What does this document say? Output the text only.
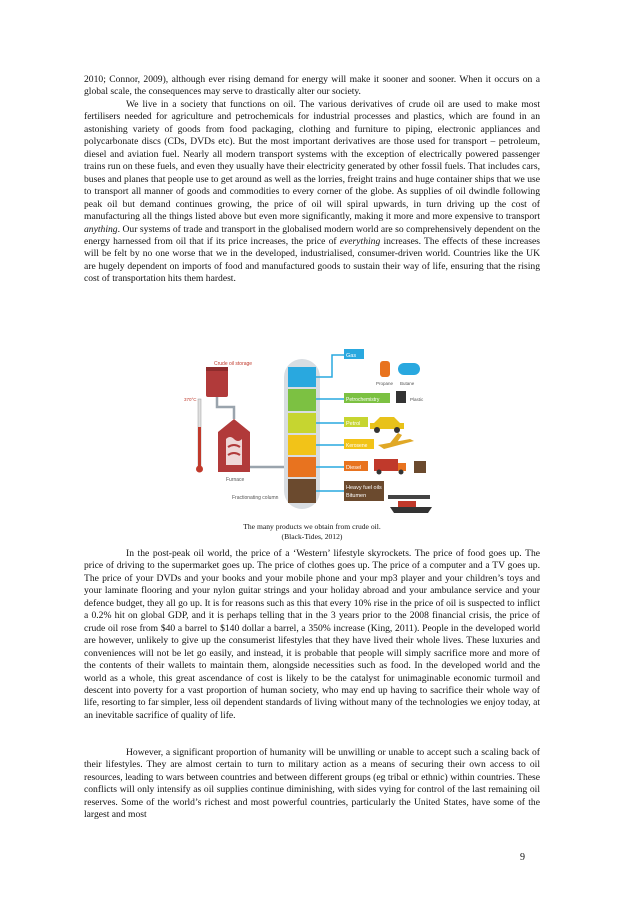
2010; Connor, 2009), although ever rising demand for energy will make it sooner and sooner. When it occurs on a global scale, the consequences may serve to drastically alter our society.

We live in a society that functions on oil. The various derivatives of crude oil are used to make most fertilisers needed for agriculture and petrochemicals for industrial processes and plastics, which are found in an astonishing variety of goods from food packaging, clothing and furniture to piping, electronic appliances and polycarbonate discs (CDs, DVDs etc). But the most important derivatives are those used for transport – petroleum, diesel and aviation fuel. Nearly all modern transport systems with the exception of electrically powered passenger trains run on these fuels, and even they usually have their electricity generated by other fossil fuels. That includes cars, buses and planes that people use to get around as well as the lorries, freight trains and huge container ships that we use to transport all manner of goods and commodities to every corner of the globe. As supplies of oil dwindle following peak oil but demand continues growing, the price of oil will spiral upwards, in turn driving up the cost of manufacturing all the things listed above but even more significantly, making it more and more expensive to transport anything. Our systems of trade and transport in the globalised modern world are so comprehensively dependent on the energy harnessed from oil that if its price increases, the price of everything increases. The effects of these increases will be felt by no one worse that we in the developed, industrialised, consumer-driven world. Countries like the UK are hugely dependent on imports of food and manufactured goods to sustain their way of life, ensuring that the rising cost of transportation hits them hardest.

Crude oil storage
370°C
Furnace
Fractionating column
Gas
Petrochemistry
Petrol
Kerosene
Diesel
Heavy fuel oils
Bitumen
Propane Butane
Plastic
The many products we obtain from crude oil.
(Black-Tides, 2012)

In the post-peak oil world, the price of a ‘Western’ lifestyle skyrockets. The price of food goes up. The price of driving to the supermarket goes up. The price of clothes goes up. The price of a computer and a TV goes up. The price of your DVDs and your books and your mobile phone and your mp3 player and your children’s toys and your laminate flooring and your nylon guitar strings and your holiday abroad and your ambulance service and your defence budget, they all go up. It is for reasons such as this that every 10% rise in the price of oil is suspected to inflict a 0.2% hit on global GDP, and it is perhaps telling that in the 3 years prior to the 2008 financial crisis, the price of crude oil rose from $40 a barrel to $140 dollar a barrel, a 350% increase (King, 2011). People in the developed world are however, unlikely to give up the consumerist lifestyles that they have lived their whole lives. These luxuries and conveniences will not be let go easily, and instead, it is probable that people will simply sacrifice more and more of the contents of their wallets to maintain them, alongside necessities such as food. In the developed world and the world as a whole, this great ascendance of cost is likely to be the catalyst for unimaginable economic turmoil and descent into poverty for a vast proportion of human society, who may end up having to sacrifice their whole way of life, resorting to far simpler, less oil dependent standards of living without many of the technologies we enjoy today, at an inevitable sacrifice of quality of life.

However, a significant proportion of humanity will be unwilling or unable to accept such a scaling back of their lifestyles. They are almost certain to turn to military action as a means of securing their own access to oil resources, leading to wars between countries and between different groups (eg tribal or ethnic) within countries. These conflicts will only intensify as oil supplies continue diminishing, with sides vying for control of the last remaining oil reserves. Some of the world’s richest and most powerful countries, particularly the United States, have some of the largest and most

9
